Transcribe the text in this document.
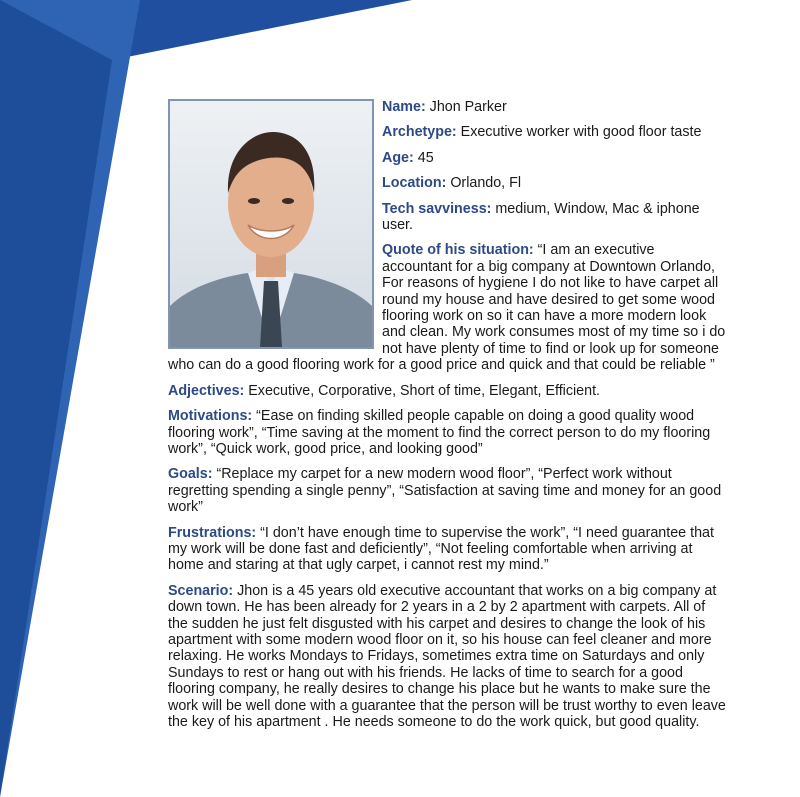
Name: Jhon Parker
Archetype: Executive worker with good floor taste
Age: 45
Location: Orlando, Fl
Tech savviness: medium, Window, Mac & iphone user.
Quote of his situation: “I am an executive accountant for a big company at Downtown Orlando, For reasons of hygiene I do not like to have carpet all round my house and have desired to get some wood flooring work on so it can have a more modern look and clean. My work consumes most of my time so i do not have plenty of time to find or look up for someone who can do a good flooring work for a good price and quick and that could be reliable ”
Adjectives: Executive, Corporative, Short of time, Elegant, Efficient.
Motivations: “Ease on finding skilled people capable on doing a good quality wood flooring work”, “Time saving at the moment to find the correct person to do my flooring work”, “Quick work, good price, and looking good”
Goals: “Replace my carpet for a new modern wood floor”, “Perfect work without regretting spending a single penny”, “Satisfaction at saving time and money for an good work”
Frustrations: “I don’t have enough time to supervise the work”, “I need guarantee that my work will be done fast and deficiently”, “Not feeling comfortable when arriving at home and staring at that ugly carpet, i cannot rest my mind.”
Scenario: Jhon is a 45 years old executive accountant that works on a big company at down town. He has been already for 2 years in a 2 by 2 apartment with carpets. All of the sudden he just felt disgusted with his carpet and desires to change the look of his apartment with some modern wood floor on it, so his house can feel cleaner and more relaxing. He works Mondays to Fridays, sometimes extra time on Saturdays and only Sundays to rest or hang out with his friends. He lacks of time to search for a good flooring company, he really desires to change his place but he wants to make sure the work will be well done with a guarantee that the person will be trust worthy to even leave the key of his apartment . He needs someone to do the work quick, but good quality.
